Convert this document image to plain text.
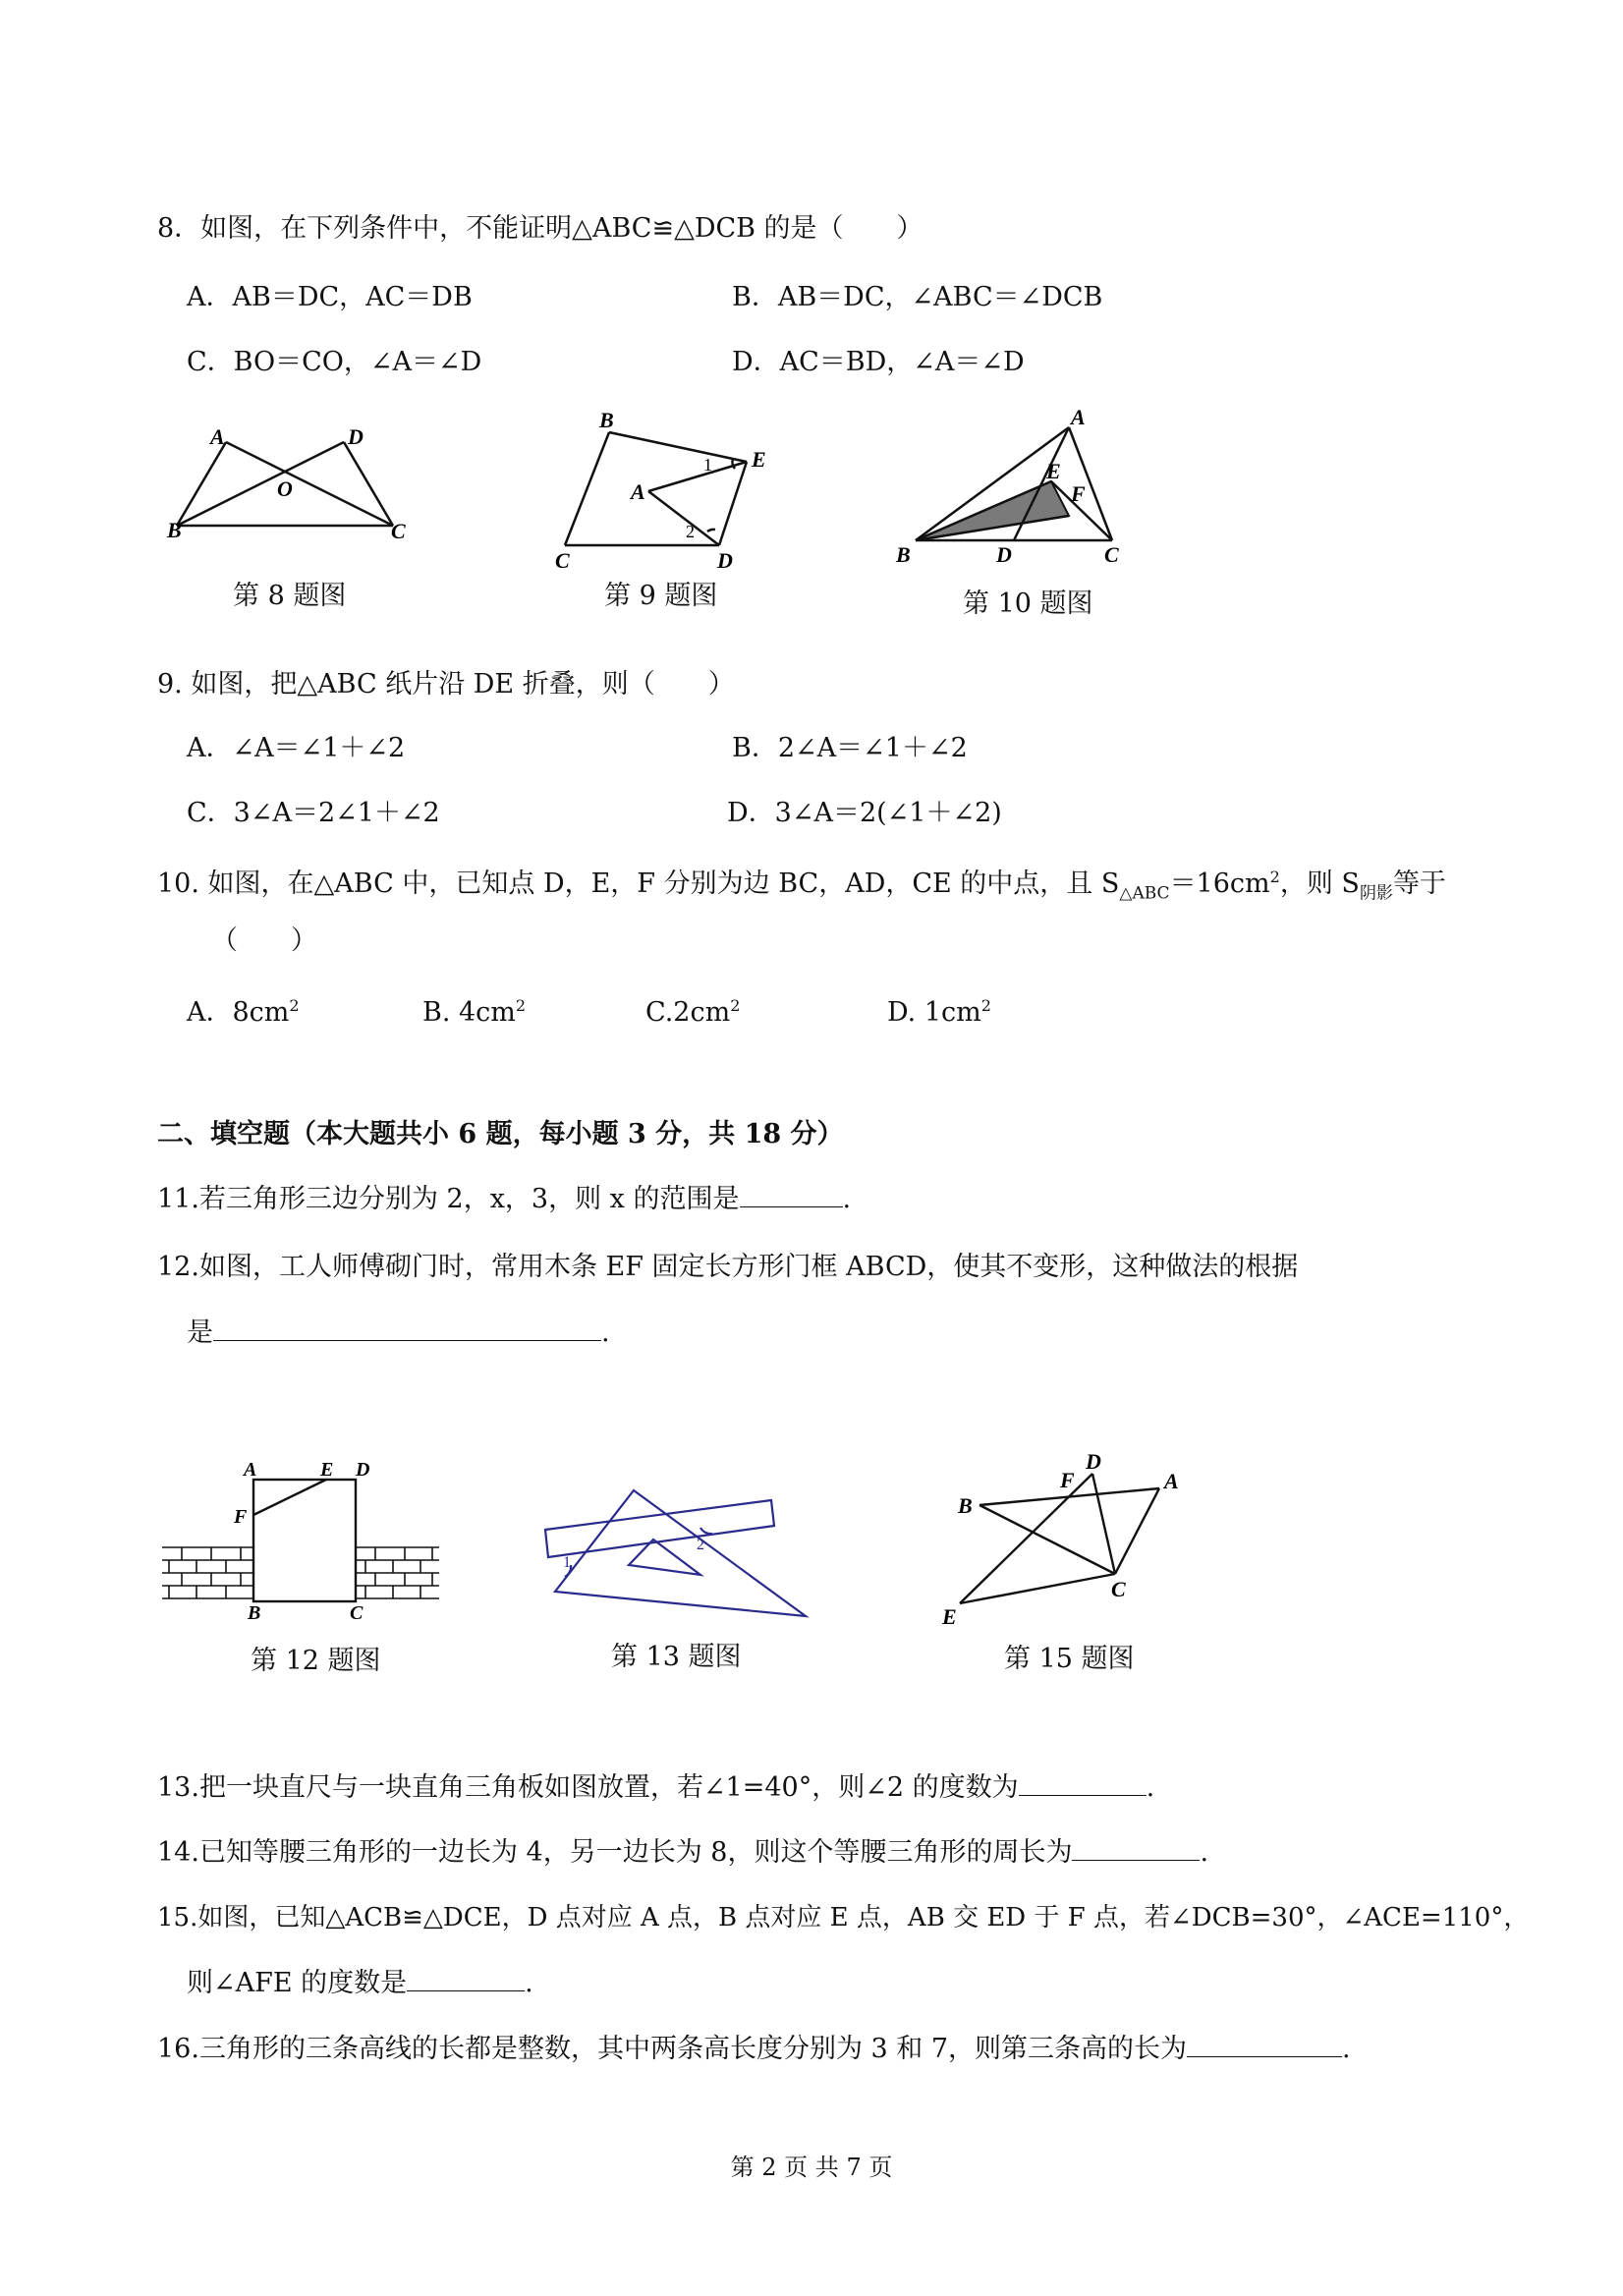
8．如图，在下列条件中，不能证明△ABC≌△DCB 的是（　　）
A．AB＝DC，AC＝DB	B．AB＝DC，∠ABC＝∠DCB
C．BO＝CO，∠A＝∠D	D．AC＝BD，∠A＝∠D
A	D
O
B	C
第 8 题图
B
E
1
A
2
C	D
第 9 题图
A
E
F
B	D	C
第 10 题图
9. 如图，把△ABC 纸片沿 DE 折叠，则（　　）
A．∠A＝∠1＋∠2	B．2∠A＝∠1＋∠2
C．3∠A＝2∠1＋∠2	D．3∠A＝2(∠1＋∠2)
10. 如图，在△ABC 中，已知点 D，E，F 分别为边 BC，AD，CE 的中点，且 $S_{\triangle ABC}=16cm^2$，则 $S_{阴影}$等于
（　　）
A．$8cm^2$	B. $4cm^2$	$C.2cm^2$	D. $1cm^2$
二、填空题（本大题共小 6 题，每小题 3 分，共 18 分）
11.若三角形三边分别为 2，x，3，则 x 的范围是	.
12.如图，工人师傅砌门时，常用木条 EF 固定长方形门框 ABCD，使其不变形，这种做法的根据
是	.
A	E D
F
B	C
第 12 题图
1
2
第 13 题图
D
F	A
B
C
E
第 15 题图
13.把一块直尺与一块直角三角板如图放置，若∠1=40°，则∠2 的度数为	.
14.已知等腰三角形的一边长为 4，另一边长为 8，则这个等腰三角形的周长为	.
15.如图，已知△ACB≌△DCE，D 点对应 A 点，B 点对应 E 点，AB 交 ED 于 F 点，若∠DCB=30°，∠ACE=110°，
则∠AFE 的度数是	.
16.三角形的三条高线的长都是整数，其中两条高长度分别为 3 和 7，则第三条高的长为	.
第 2 页 共 7 页
